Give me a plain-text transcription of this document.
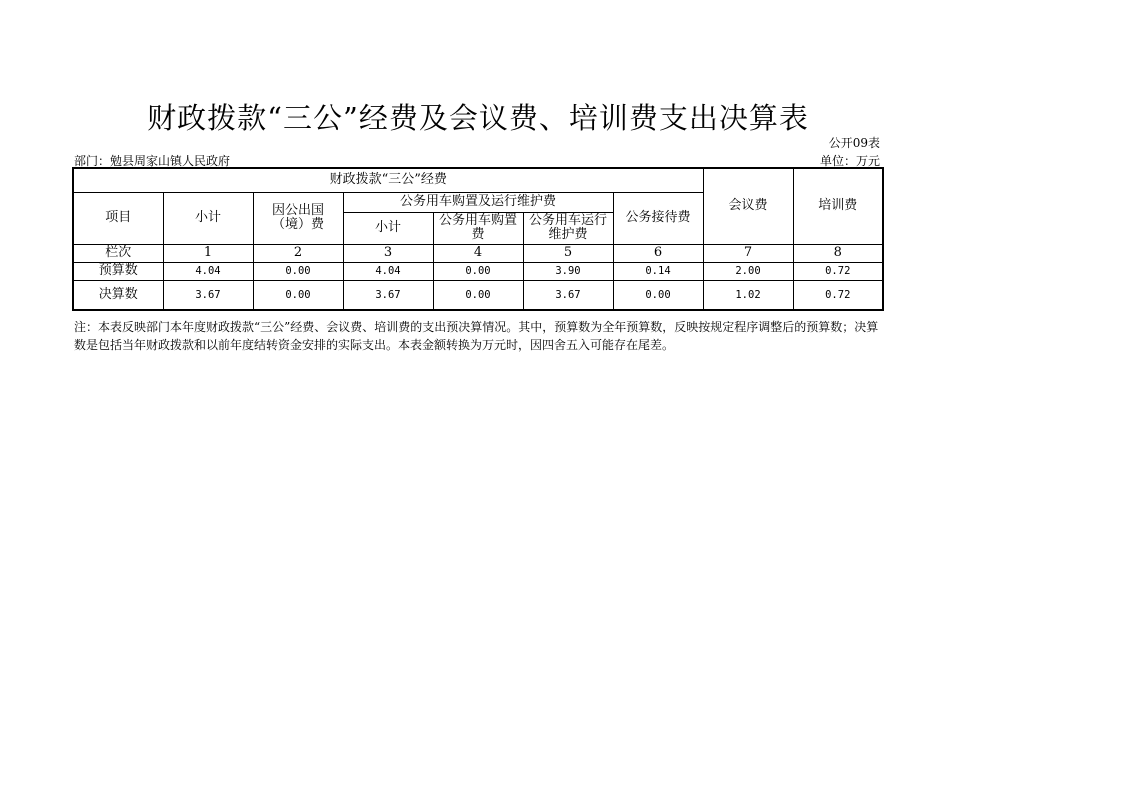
财政拨款“三公”经费及会议费、培训费支出决算表
公开09表
部门：勉县周家山镇人民政府	单位：万元
财政拨款“三公”经费							会议费	培训费
项目	小计	因公出国（境）费	公务用车购置及运行维护费			公务接待费		
			小计	公务用车购置费	公务用车运行维护费			
栏次	1	2	3	4	5	6	7	8
预算数	4.04	0.00	4.04	0.00	3.90	0.14	2.00	0.72
决算数	3.67	0.00	3.67	0.00	3.67	0.00	1.02	0.72
注：本表反映部门本年度财政拨款“三公”经费、会议费、培训费的支出预决算情况。其中，预算数为全年预算数，反映按规定程序调整后的预算数；决算数是包括当年财政拨款和以前年度结转资金安排的实际支出。本表金额转换为万元时，因四舍五入可能存在尾差。
